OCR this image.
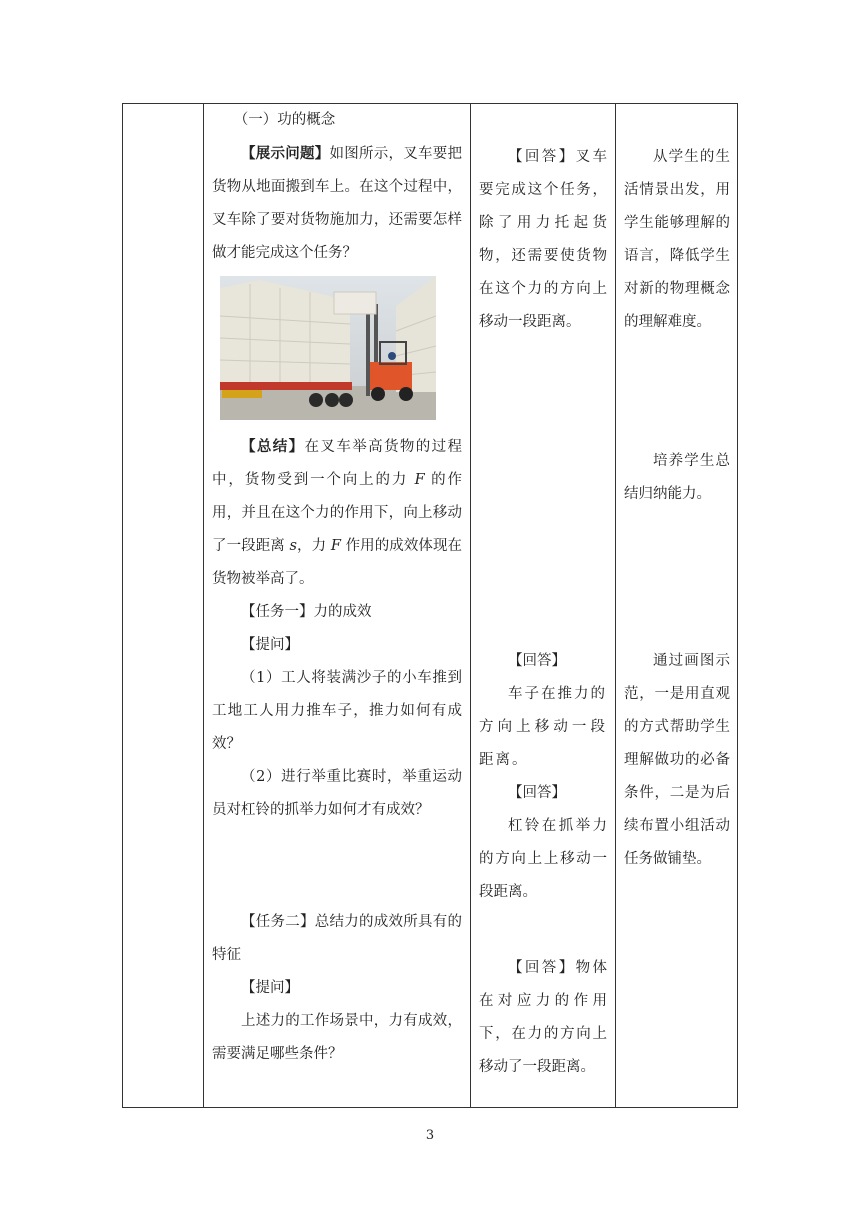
（一）功的概念

【展示问题】如图所示，叉车要把货物从地面搬到车上。在这个过程中，叉车除了要对货物施加力，还需要怎样做才能完成这个任务？

【总结】在叉车举高货物的过程中，货物受到一个向上的力 F 的作用，并且在这个力的作用下，向上移动了一段距离 s，力 F 作用的成效体现在货物被举高了。

【任务一】力的成效

【提问】

（1）工人将装满沙子的小车推到工地工人用力推车子，推力如何有成效？

（2）进行举重比赛时，举重运动员对杠铃的抓举力如何才有成效？

【任务二】总结力的成效所具有的特征

【提问】

上述力的工作场景中，力有成效，需要满足哪些条件？

【回答】叉车要完成这个任务，除了用力托起货物，还需要使货物在这个力的方向上移动一段距离。

【回答】

车子在推力的方向上移动一段距离。

【回答】

杠铃在抓举力的方向上上移动一段距离。

【回答】物体在对应力的作用下，在力的方向上移动了一段距离。

从学生的生活情景出发，用学生能够理解的语言，降低学生对新的物理概念的理解难度。

培养学生总结归纳能力。

通过画图示范，一是用直观的方式帮助学生理解做功的必备条件，二是为后续布置小组活动任务做铺垫。

3
